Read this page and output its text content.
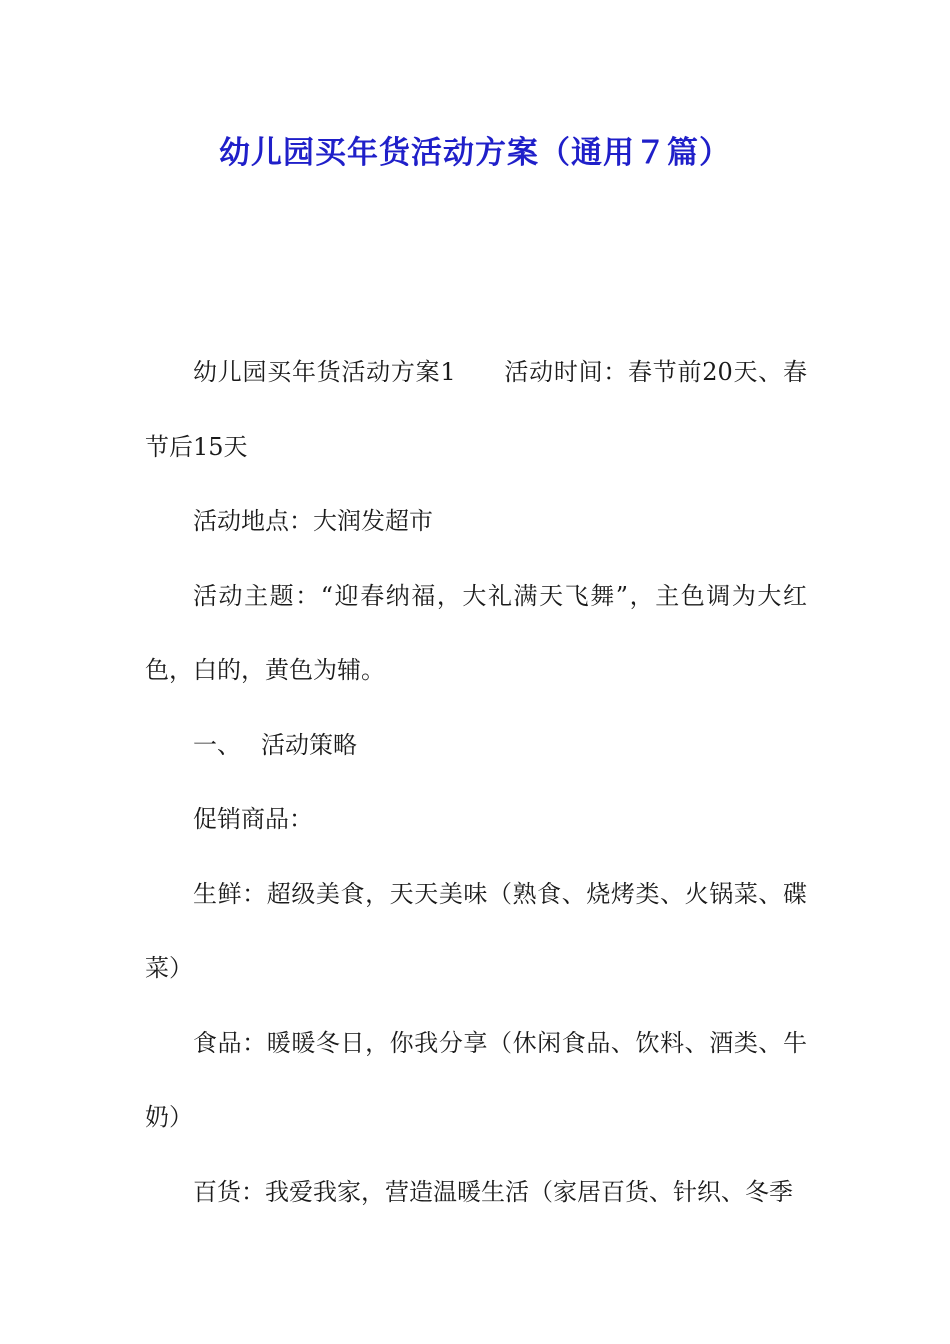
幼儿园买年货活动方案（通用７篇）

幼儿园买年货活动方案1 活动时间：春节前20天、春节后15天

活动地点：大润发超市

活动主题：“迎春纳福，大礼满天飞舞”，主色调为大红色，白的，黄色为辅。

一、 活动策略

促销商品：

生鲜：超级美食，天天美味（熟食、烧烤类、火锅菜、碟菜）

食品：暖暖冬日，你我分享（休闲食品、饮料、酒类、牛奶）

百货：我爱我家，营造温暖生活（家居百货、针织、冬季
